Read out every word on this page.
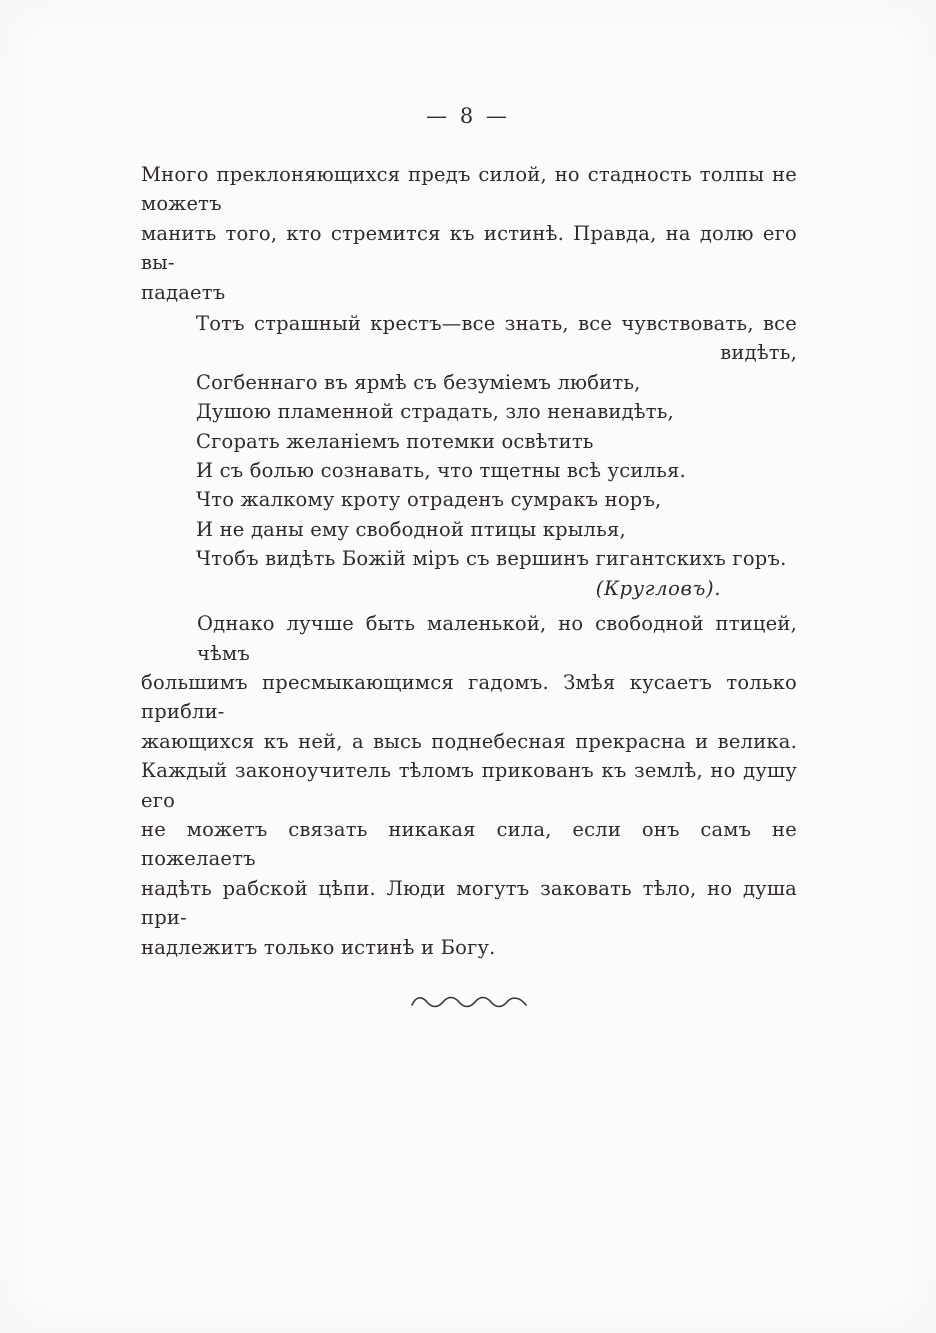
— 8 —
Много преклоняющихся предъ силой, но стадность толпы не можетъ
манить того, кто стремится къ истинѣ. Правда, на долю его вы-
падаетъ
Тотъ страшный крестъ—все знать, все чувствовать, все
видѣть,
Согбеннаго въ ярмѣ съ безуміемъ любить,
Душою пламенной страдать, зло ненавидѣть,
Сгорать желаніемъ потемки освѣтить
И съ болью сознавать, что тщетны всѣ усилья.
Что жалкому кроту отраденъ сумракъ норъ,
И не даны ему свободной птицы крылья,
Чтобъ видѣть Божій міръ съ вершинъ гигантскихъ горъ.
(Кругловъ).
Однако лучше быть маленькой, но свободной птицей, чѣмъ
большимъ пресмыкающимся гадомъ. Змѣя кусаетъ только прибли-
жающихся къ ней, а высь поднебесная прекрасна и велика.
Каждый законоучитель тѣломъ прикованъ къ землѣ, но душу его
не можетъ связать никакая сила, если онъ самъ не пожелаетъ
надѣть рабской цѣпи. Люди могутъ заковать тѣло, но душа при-
надлежитъ только истинѣ и Богу.
